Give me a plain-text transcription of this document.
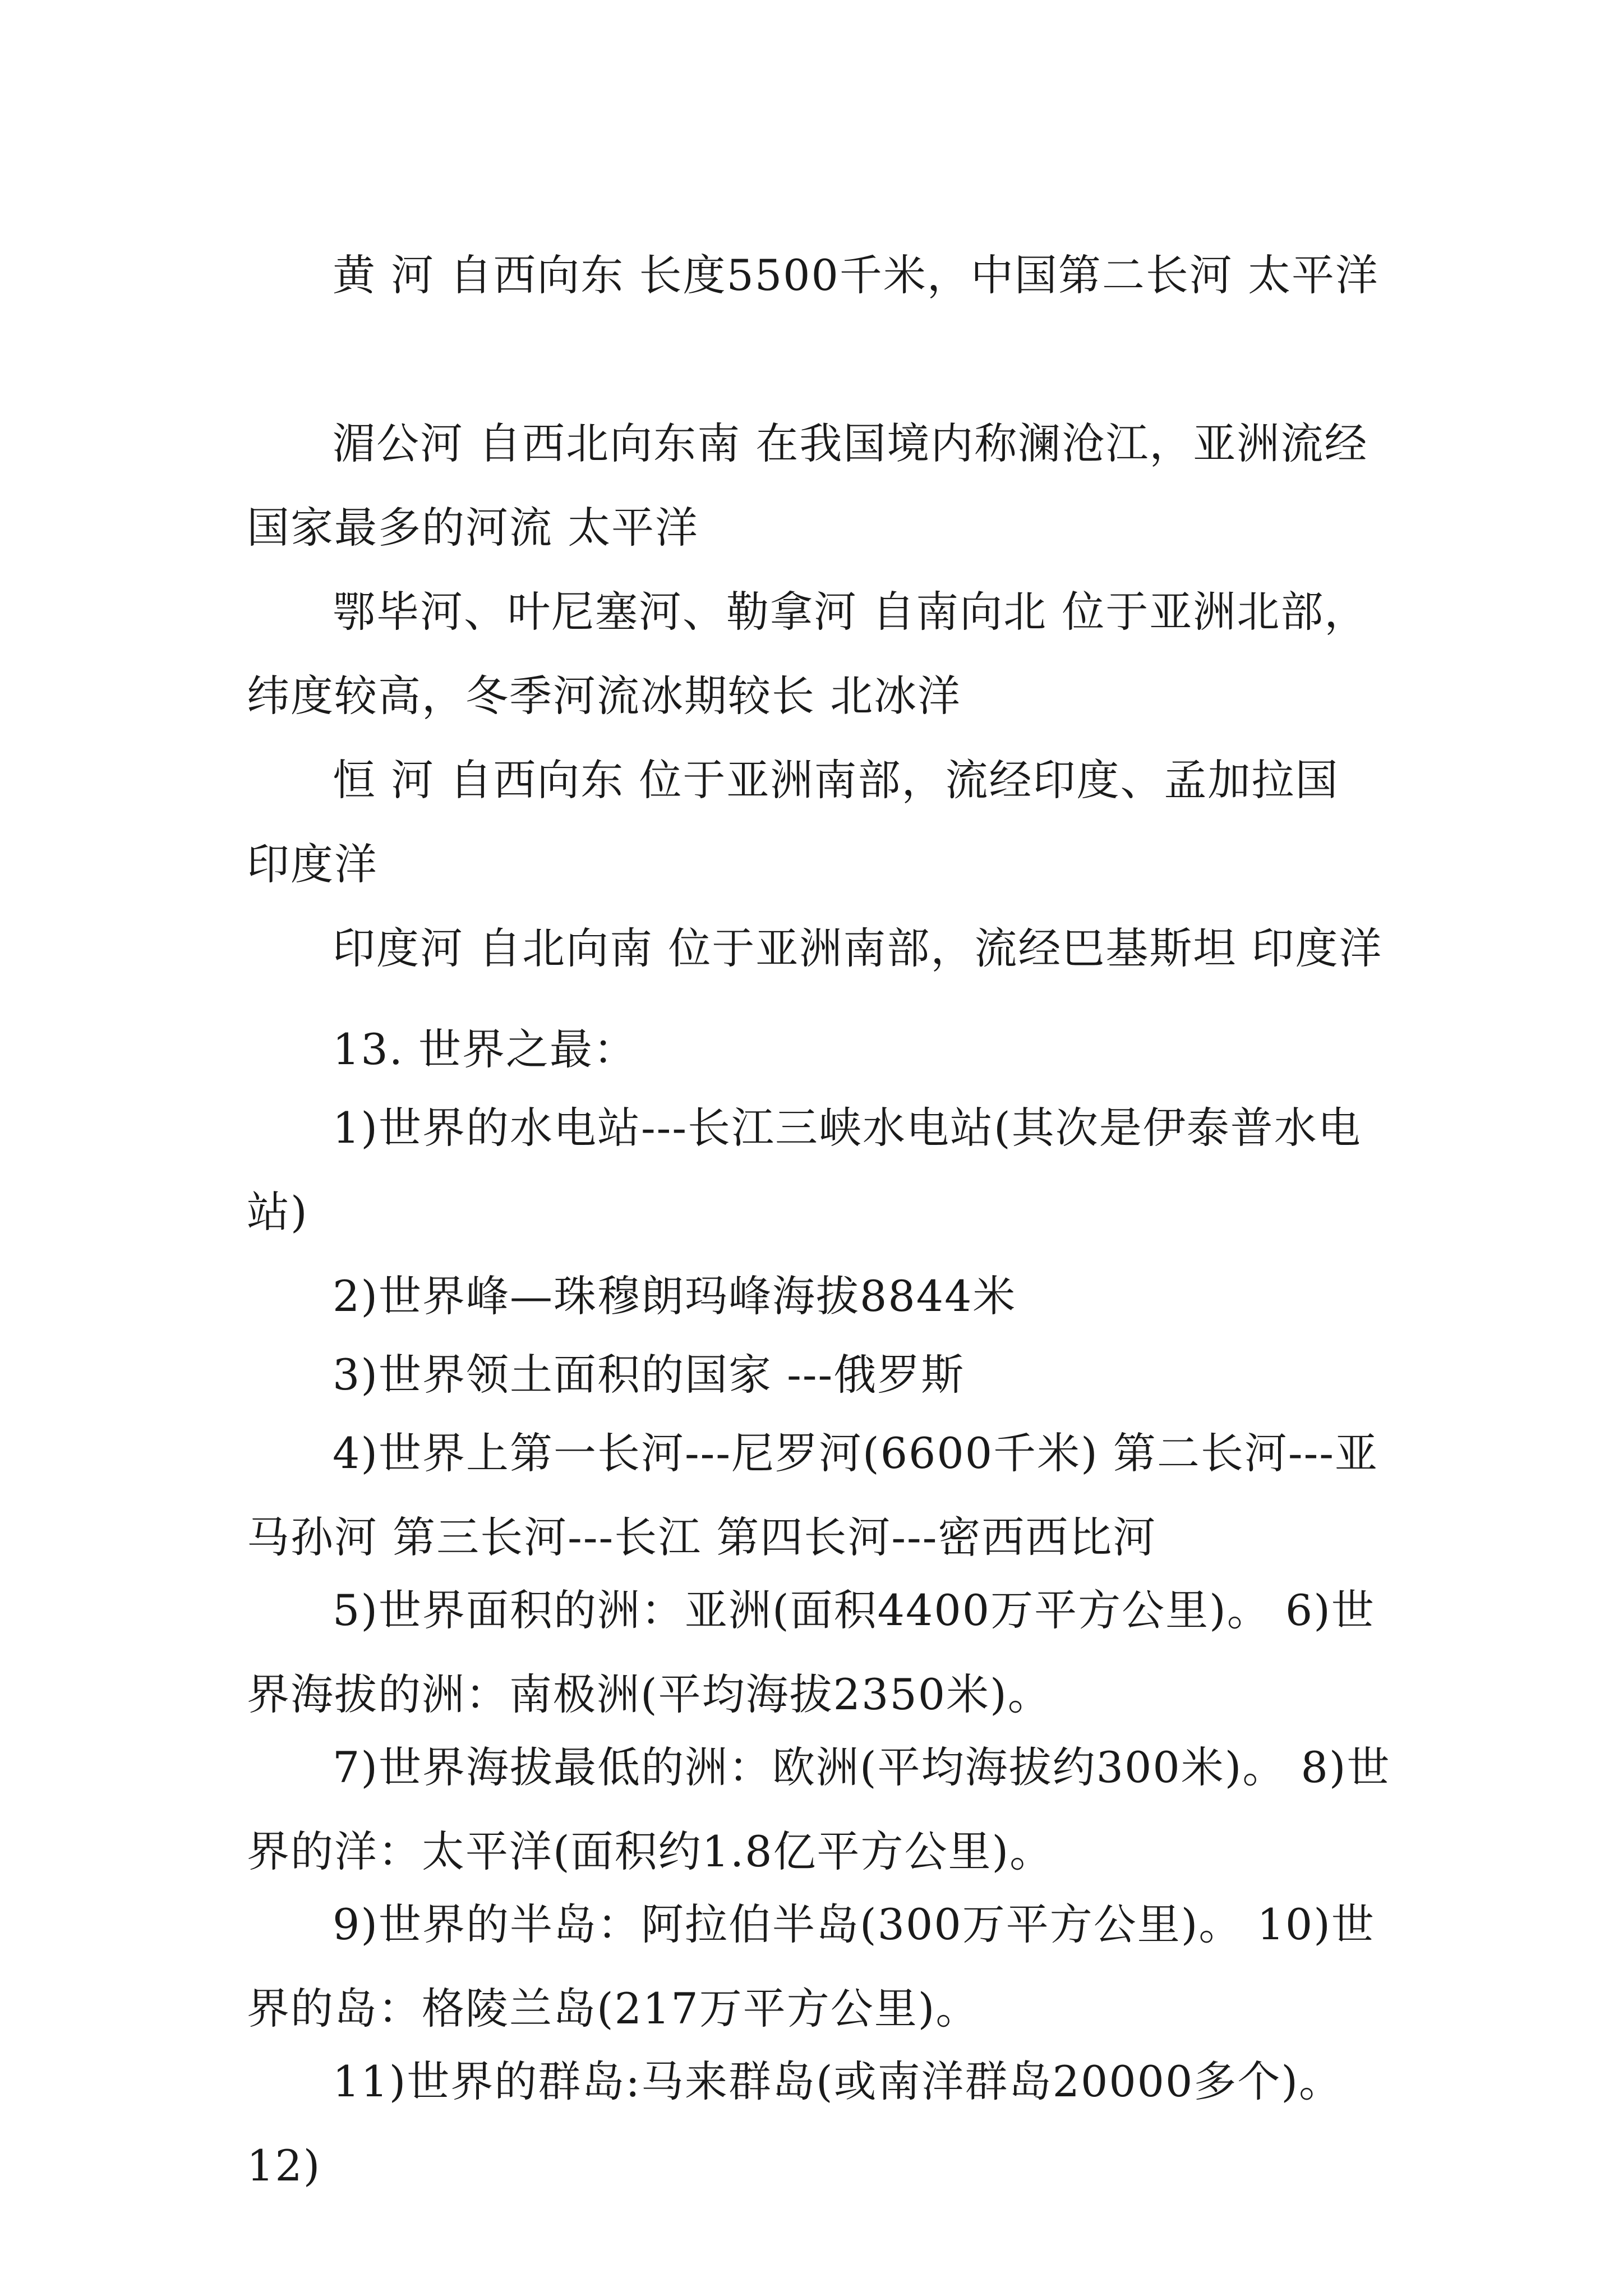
黄 河 自西向东 长度5500千米，中国第二长河 太平洋

湄公河 自西北向东南 在我国境内称澜沧江，亚洲流经国家最多的河流 太平洋

鄂毕河、叶尼塞河、勒拿河 自南向北 位于亚洲北部，纬度较高，冬季河流冰期较长 北冰洋

恒 河 自西向东 位于亚洲南部，流经印度、孟加拉国 印度洋

印度河 自北向南 位于亚洲南部，流经巴基斯坦 印度洋

13. 世界之最：

1)世界的水电站---长江三峡水电站(其次是伊泰普水电站)

2)世界峰—珠穆朗玛峰海拔8844米

3)世界领土面积的国家 ---俄罗斯

4)世界上第一长河---尼罗河(6600千米) 第二长河---亚马孙河 第三长河---长江 第四长河---密西西比河

5)世界面积的洲：亚洲(面积4400万平方公里)。 6)世界海拔的洲：南极洲(平均海拔2350米)。

7)世界海拔最低的洲：欧洲(平均海拔约300米)。 8)世界的洋：太平洋(面积约1.8亿平方公里)。

9)世界的半岛：阿拉伯半岛(300万平方公里)。 10)世界的岛：格陵兰岛(217万平方公里)。

11)世界的群岛:马来群岛(或南洋群岛20000多个)。12)
